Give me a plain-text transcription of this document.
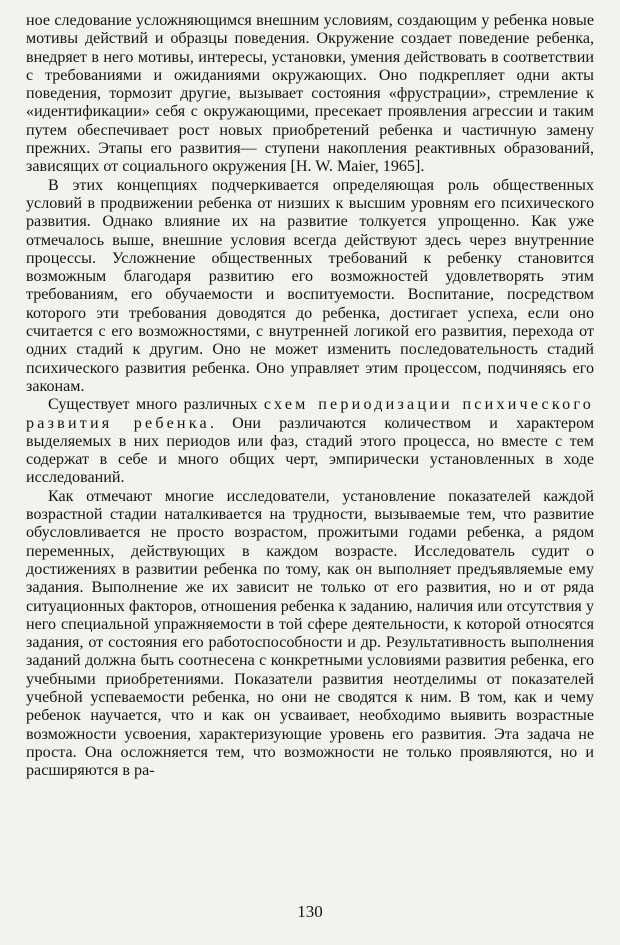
ное следование усложняющимся внешним условиям, создающим у ребенка новые мотивы действий и образцы поведения. Окружение создает поведение ребенка, внедряет в него мотивы, интересы, установки, умения действовать в соответствии с требованиями и ожиданиями окружающих. Оно подкрепляет одни акты поведения, тормозит другие, вызывает состояния «фрустрации», стремление к «идентификации» себя с окружающими, пресекает проявления агрессии и таким путем обеспечивает рост новых приобретений ребенка и частичную замену прежних. Этапы его развития— ступени накопления реактивных образований, зависящих от социального окружения [H. W. Maier, 1965].

В этих концепциях подчеркивается определяющая роль общественных условий в продвижении ребенка от низших к высшим уровням его психического развития. Однако влияние их на развитие толкуется упрощенно. Как уже отмечалось выше, внешние условия всегда действуют здесь через внутренние процессы. Усложнение общественных требований к ребенку становится возможным благодаря развитию его возможностей удовлетворять этим требованиям, его обучаемости и воспитуемости. Воспитание, посредством которого эти требования доводятся до ребенка, достигает успеха, если оно считается с его возможностями, с внутренней логикой его развития, перехода от одних стадий к другим. Оно не может изменить последовательность стадий психического развития ребенка. Оно управляет этим процессом, подчиняясь его законам.

Существует много различных схем периодизации психического развития ребенка. Они различаются количеством и характером выделяемых в них периодов или фаз, стадий этого процесса, но вместе с тем содержат в себе и много общих черт, эмпирически установленных в ходе исследований.

Как отмечают многие исследователи, установление показателей каждой возрастной стадии наталкивается на трудности, вызываемые тем, что развитие обусловливается не просто возрастом, прожитыми годами ребенка, а рядом переменных, действующих в каждом возрасте. Исследователь судит о достижениях в развитии ребенка по тому, как он выполняет предъявляемые ему задания. Выполнение же их зависит не только от его развития, но и от ряда ситуационных факторов, отношения ребенка к заданию, наличия или отсутствия у него специальной упражняемости в той сфере деятельности, к которой относятся задания, от состояния его работоспособности и др. Результативность выполнения заданий должна быть соотнесена с конкретными условиями развития ребенка, его учебными приобретениями. Показатели развития неотделимы от показателей учебной успеваемости ребенка, но они не сводятся к ним. В том, как и чему ребенок научается, что и как он усваивает, необходимо выявить возрастные возможности усвоения, характеризующие уровень его развития. Эта задача не проста. Она осложняется тем, что возможности не только проявляются, но и расширяются в ра-

130
